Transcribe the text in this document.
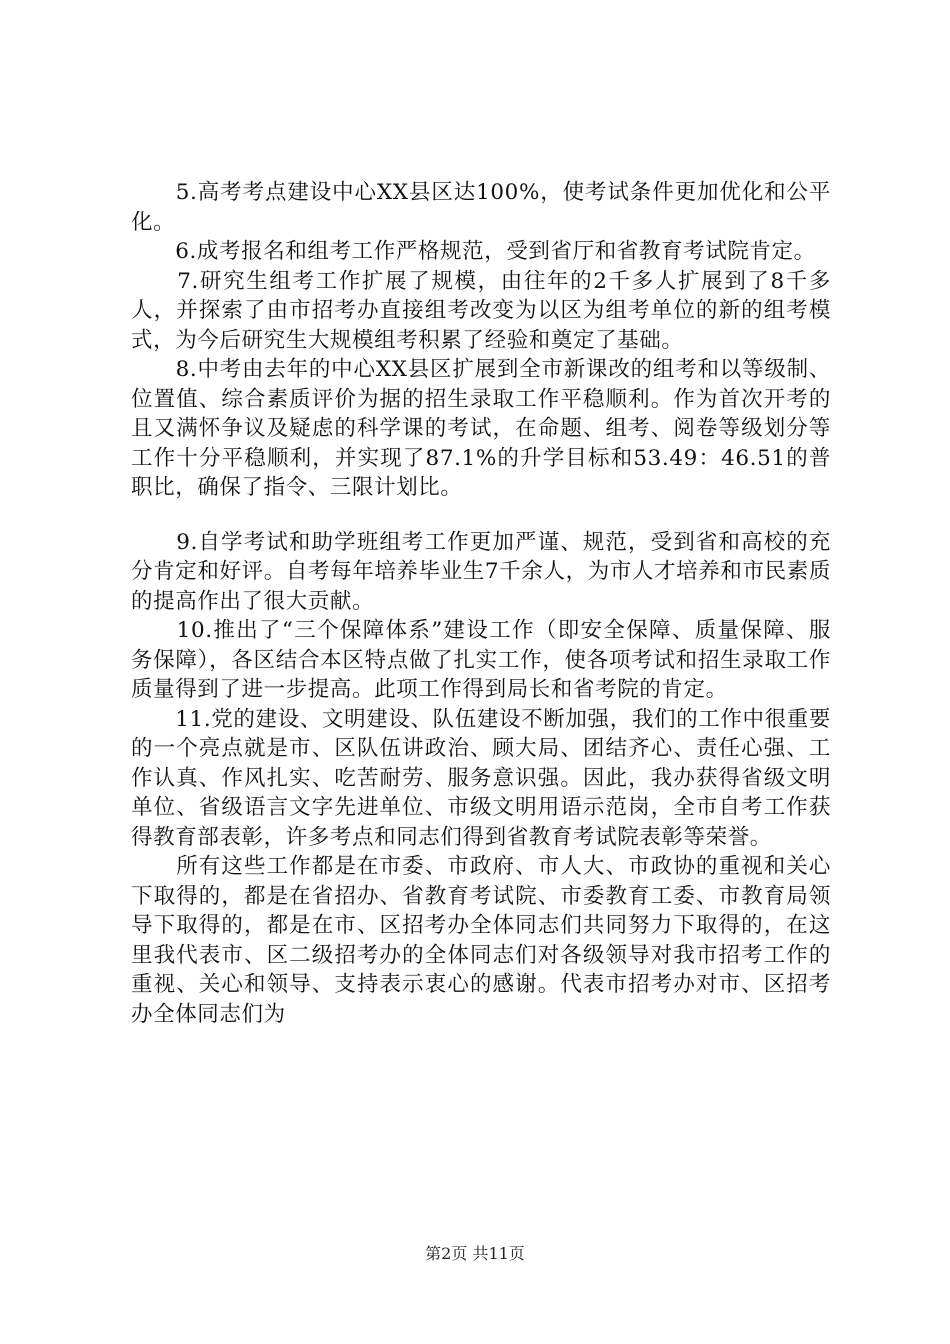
　　5.高考考点建设中心XX县区达100%，使考试条件更加优化和公平化。

　　6.成考报名和组考工作严格规范，受到省厅和省教育考试院肯定。

　　7.研究生组考工作扩展了规模，由往年的2千多人扩展到了8千多人，并探索了由市招考办直接组考改变为以区为组考单位的新的组考模式，为今后研究生大规模组考积累了经验和奠定了基础。

　　8.中考由去年的中心XX县区扩展到全市新课改的组考和以等级制、位置值、综合素质评价为据的招生录取工作平稳顺利。作为首次开考的且又满怀争议及疑虑的科学课的考试，在命题、组考、阅卷等级划分等工作十分平稳顺利，并实现了87.1%的升学目标和53.49：46.51的普职比，确保了指令、三限计划比。

　　9.自学考试和助学班组考工作更加严谨、规范，受到省和高校的充分肯定和好评。自考每年培养毕业生7千余人，为市人才培养和市民素质的提高作出了很大贡献。

　　10.推出了“三个保障体系”建设工作（即安全保障、质量保障、服务保障），各区结合本区特点做了扎实工作，使各项考试和招生录取工作质量得到了进一步提高。此项工作得到局长和省考院的肯定。

　　11.党的建设、文明建设、队伍建设不断加强，我们的工作中很重要的一个亮点就是市、区队伍讲政治、顾大局、团结齐心、责任心强、工作认真、作风扎实、吃苦耐劳、服务意识强。因此，我办获得省级文明单位、省级语言文字先进单位、市级文明用语示范岗，全市自考工作获得教育部表彰，许多考点和同志们得到省教育考试院表彰等荣誉。

　　所有这些工作都是在市委、市政府、市人大、市政协的重视和关心下取得的，都是在省招办、省教育考试院、市委教育工委、市教育局领导下取得的，都是在市、区招考办全体同志们共同努力下取得的，在这里我代表市、区二级招考办的全体同志们对各级领导对我市招考工作的重视、关心和领导、支持表示衷心的感谢。代表市招考办对市、区招考办全体同志们为

第2页 共11页
